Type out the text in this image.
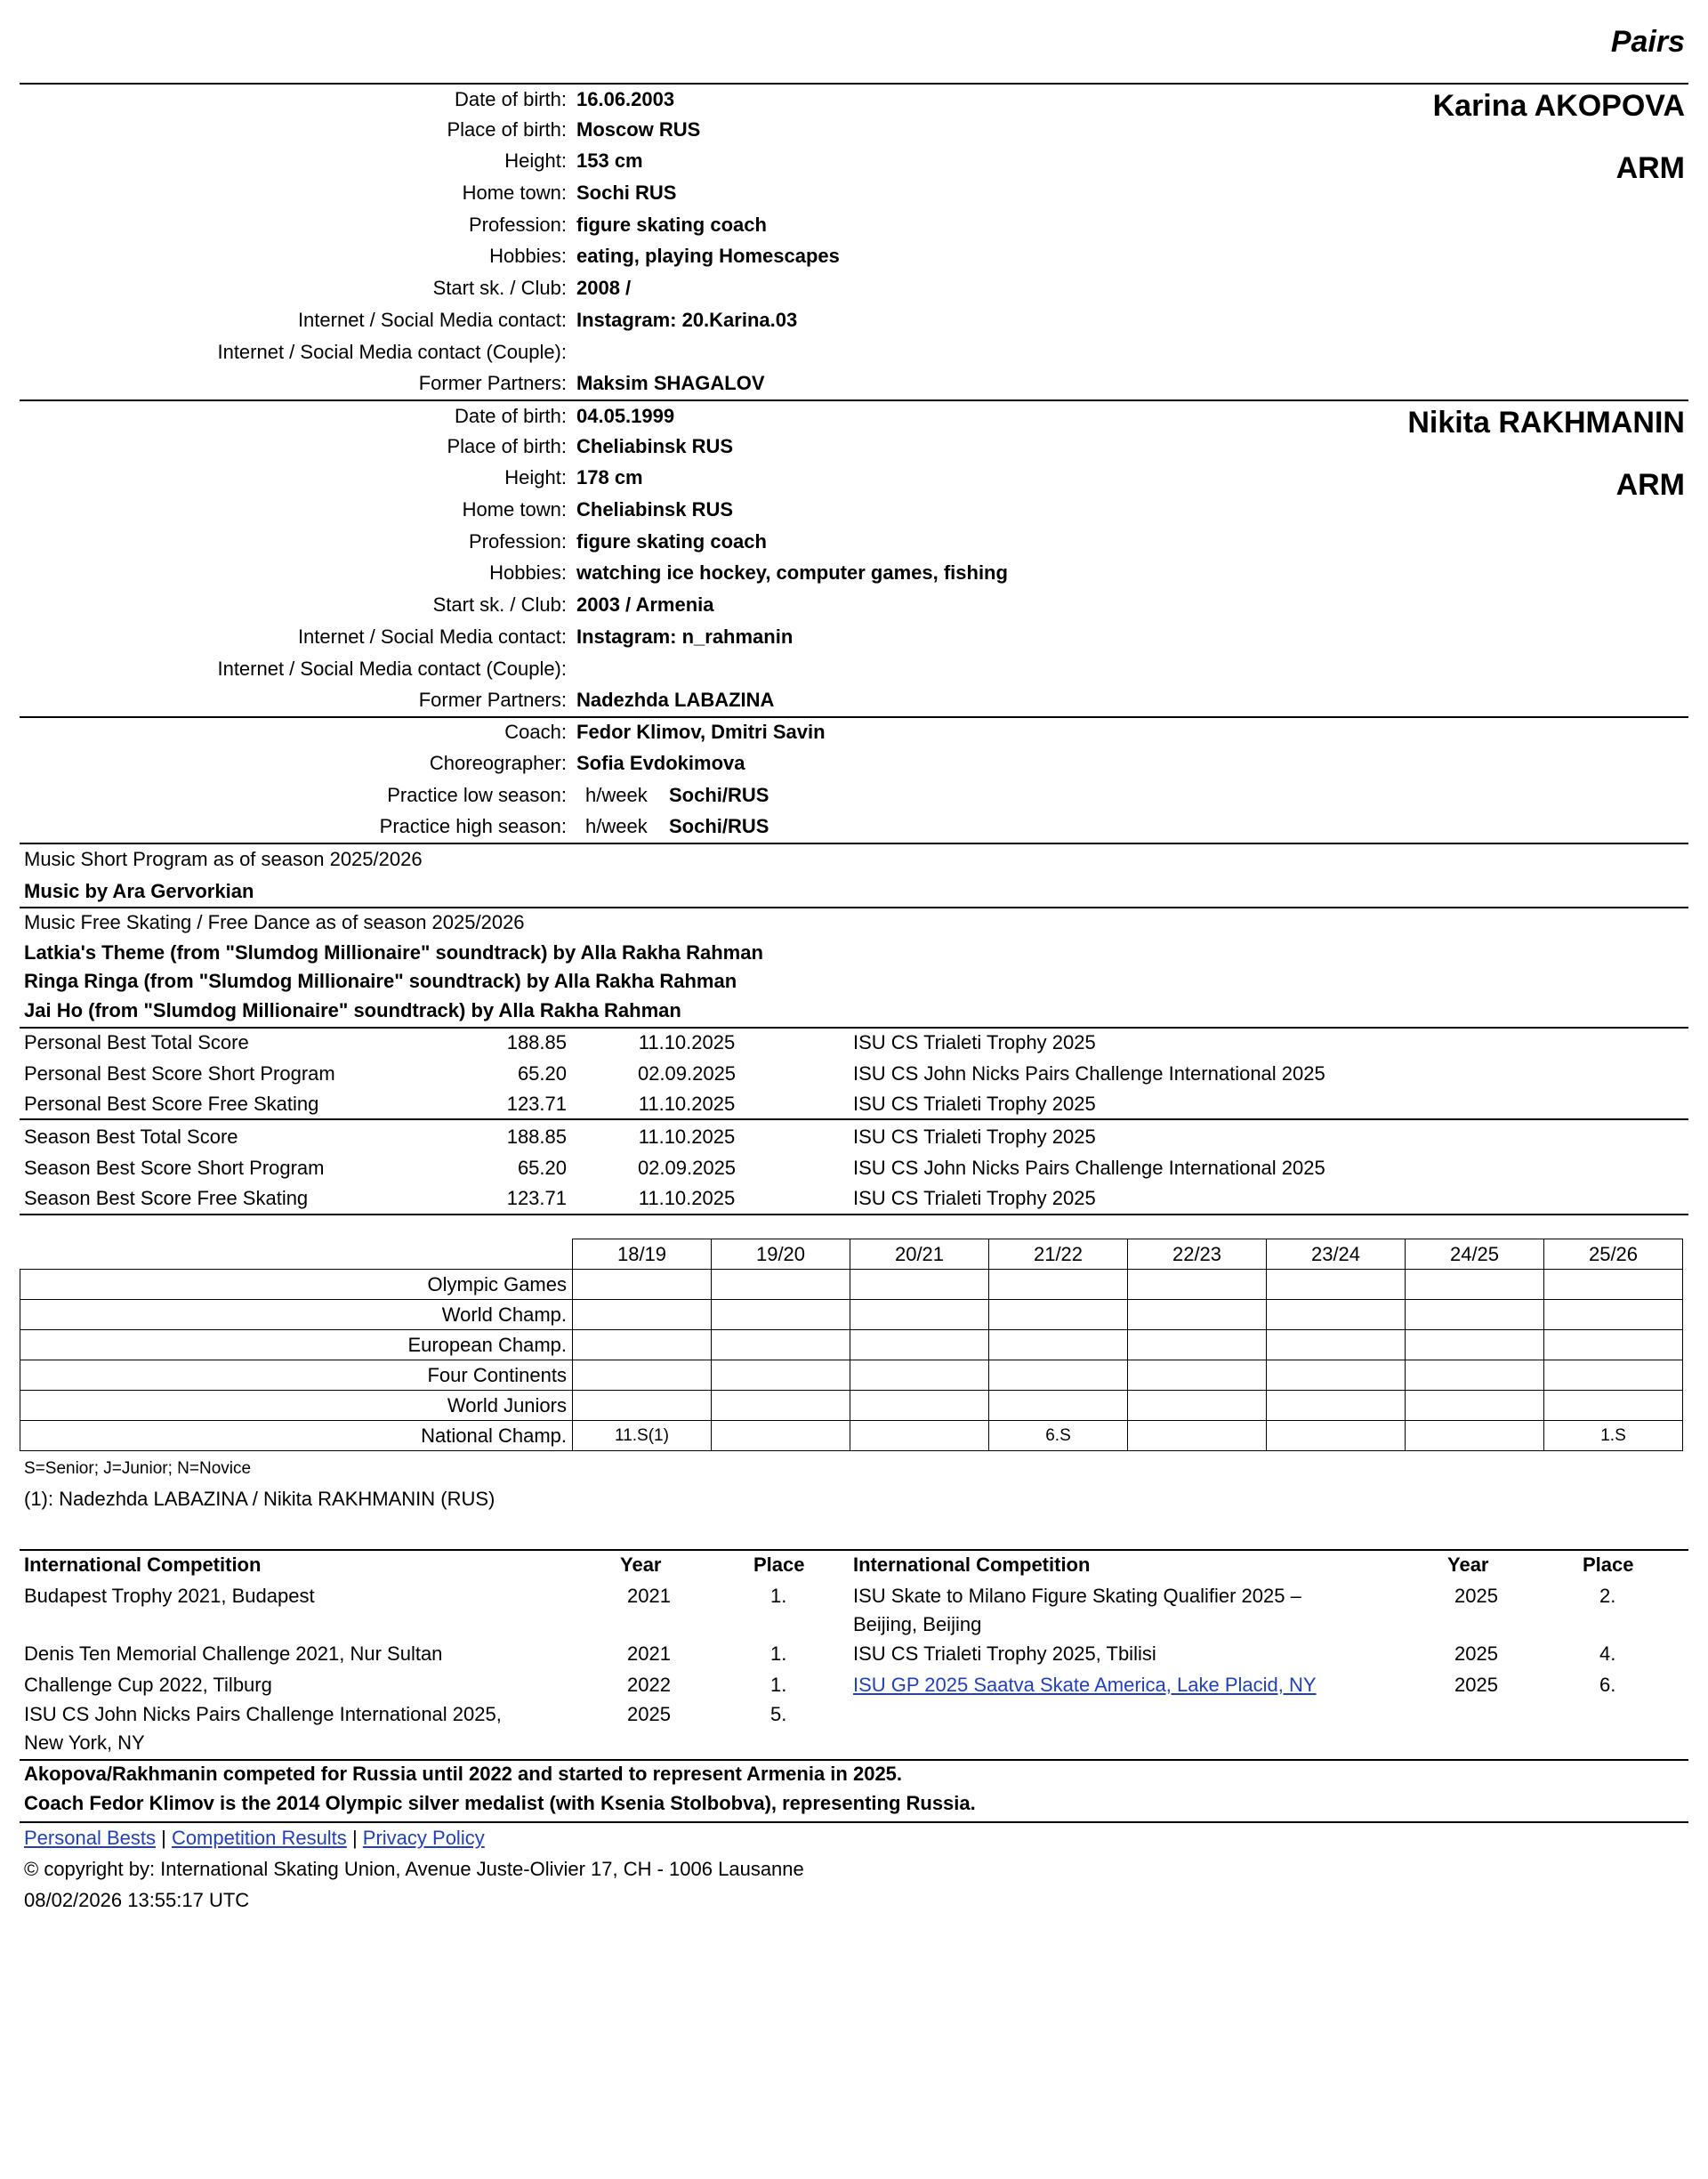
Pairs
Karina AKOPOVA
ARM
Date of birth: 16.06.2003
Place of birth: Moscow RUS
Height: 153 cm
Home town: Sochi RUS
Profession: figure skating coach
Hobbies: eating, playing Homescapes
Start sk. / Club: 2008 /
Internet / Social Media contact: Instagram: 20.Karina.03
Internet / Social Media contact (Couple):
Former Partners: Maksim SHAGALOV
Nikita RAKHMANIN
ARM
Date of birth: 04.05.1999
Place of birth: Cheliabinsk RUS
Height: 178 cm
Home town: Cheliabinsk RUS
Profession: figure skating coach
Hobbies: watching ice hockey, computer games, fishing
Start sk. / Club: 2003 / Armenia
Internet / Social Media contact: Instagram: n_rahmanin
Internet / Social Media contact (Couple):
Former Partners: Nadezhda LABAZINA
Coach: Fedor Klimov, Dmitri Savin
Choreographer: Sofia Evdokimova
Practice low season: h/week Sochi/RUS
Practice high season: h/week Sochi/RUS
Music Short Program as of season 2025/2026
Music by Ara Gervorkian
Music Free Skating / Free Dance as of season 2025/2026
Latkia's Theme (from "Slumdog Millionaire" soundtrack) by Alla Rakha Rahman
Ringa Ringa (from "Slumdog Millionaire" soundtrack) by Alla Rakha Rahman
Jai Ho (from "Slumdog Millionaire" soundtrack) by Alla Rakha Rahman
Personal Best Total Score	188.85	11.10.2025	ISU CS Trialeti Trophy 2025
Personal Best Score Short Program	65.20	02.09.2025	ISU CS John Nicks Pairs Challenge International 2025
Personal Best Score Free Skating	123.71	11.10.2025	ISU CS Trialeti Trophy 2025
Season Best Total Score	188.85	11.10.2025	ISU CS Trialeti Trophy 2025
Season Best Score Short Program	65.20	02.09.2025	ISU CS John Nicks Pairs Challenge International 2025
Season Best Score Free Skating	123.71	11.10.2025	ISU CS Trialeti Trophy 2025
	18/19	19/20	20/21	21/22	22/23	23/24	24/25	25/26
Olympic Games								
World Champ.								
European Champ.								
Four Continents								
World Juniors								
National Champ.	11.S(1)			6.S				1.S
S=Senior; J=Junior; N=Novice
(1): Nadezhda LABAZINA / Nikita RAKHMANIN (RUS)
International Competition	Year	Place International Competition	Year	Place
Budapest Trophy 2021, Budapest	2021	1.
Denis Ten Memorial Challenge 2021, Nur Sultan	2021	1.
Challenge Cup 2022, Tilburg	2022	1.
ISU CS John Nicks Pairs Challenge International 2025,
New York, NY
2025	5.
ISU Skate to Milano Figure Skating Qualifier 2025 –
Beijing, Beijing
2025	2.
ISU CS Trialeti Trophy 2025, Tbilisi	2025	4.
ISU GP 2025 Saatva Skate America, Lake Placid, NY	2025	6.
Akopova/Rakhmanin competed for Russia until 2022 and started to represent Armenia in 2025.
Coach Fedor Klimov is the 2014 Olympic silver medalist (with Ksenia Stolbobva), representing Russia.
Personal Bests | Competition Results | Privacy Policy
© copyright by: International Skating Union, Avenue Juste-Olivier 17, CH - 1006 Lausanne
08/02/2026 13:55:17 UTC
